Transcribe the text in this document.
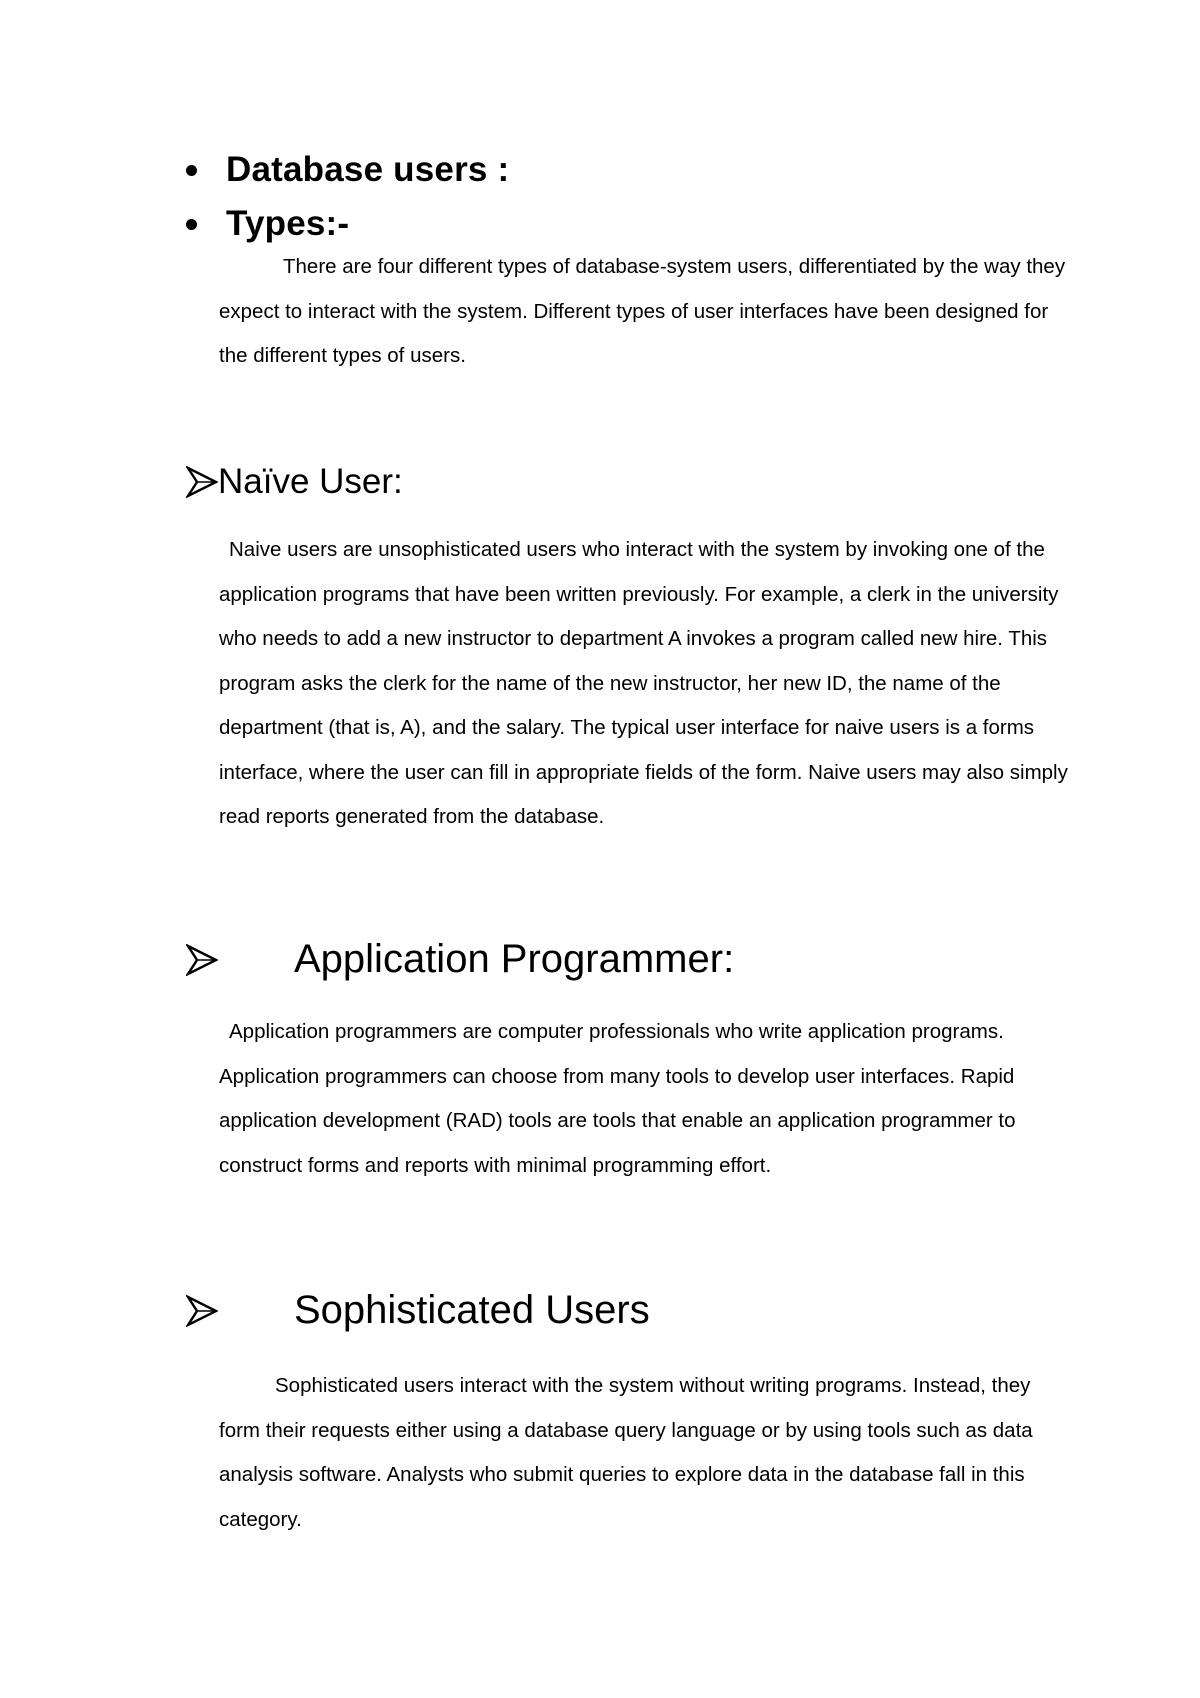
Database users :
Types:-

There are four different types of database-system users, differentiated by the way they expect to interact with the system. Different types of user interfaces have been designed for the different types of users.

Naïve User:

Naive users are unsophisticated users who interact with the system by invoking one of the application programs that have been written previously. For example, a clerk in the university who needs to add a new instructor to department A invokes a program called new hire. This program asks the clerk for the name of the new instructor, her new ID, the name of the department (that is, A), and the salary. The typical user interface for naive users is a forms interface, where the user can fill in appropriate fields of the form. Naive users may also simply read reports generated from the database.

Application Programmer:

Application programmers are computer professionals who write application programs. Application programmers can choose from many tools to develop user interfaces. Rapid application development (RAD) tools are tools that enable an application programmer to construct forms and reports with minimal programming effort.

Sophisticated Users

Sophisticated users interact with the system without writing programs. Instead, they form their requests either using a database query language or by using tools such as data analysis software. Analysts who submit queries to explore data in the database fall in this category.
